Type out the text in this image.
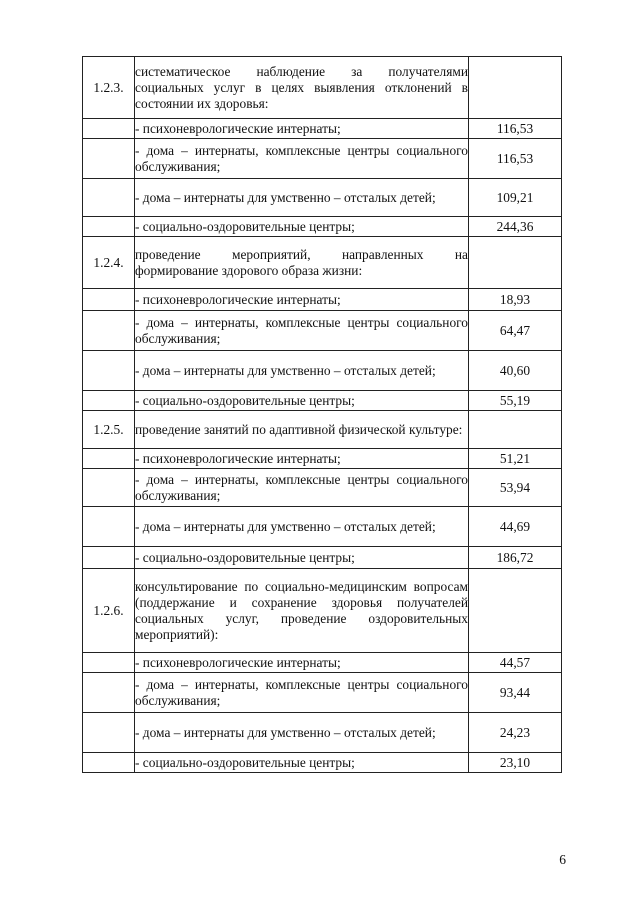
1.2.3.	систематическое наблюдение за получателями социальных услуг в целях выявления отклонений в состоянии их здоровья:	
	- психоневрологические интернаты;	116,53
	- дома – интернаты, комплексные центры социального обслуживания;	116,53
	- дома – интернаты для умственно – отсталых детей;	109,21
	- социально-оздоровительные центры;	244,36
1.2.4.	проведение мероприятий, направленных на формирование здорового образа жизни:	
	- психоневрологические интернаты;	18,93
	- дома – интернаты, комплексные центры социального обслуживания;	64,47
	- дома – интернаты для умственно – отсталых детей;	40,60
	- социально-оздоровительные центры;	55,19
1.2.5.	проведение занятий по адаптивной физической культуре:	
	- психоневрологические интернаты;	51,21
	- дома – интернаты, комплексные центры социального обслуживания;	53,94
	- дома – интернаты для умственно – отсталых детей;	44,69
	- социально-оздоровительные центры;	186,72
1.2.6.	консультирование по социально-медицинским вопросам (поддержание и сохранение здоровья получателей социальных услуг, проведение оздоровительных мероприятий):	
	- психоневрологические интернаты;	44,57
	- дома – интернаты, комплексные центры социального обслуживания;	93,44
	- дома – интернаты для умственно – отсталых детей;	24,23
	- социально-оздоровительные центры;	23,10
6
